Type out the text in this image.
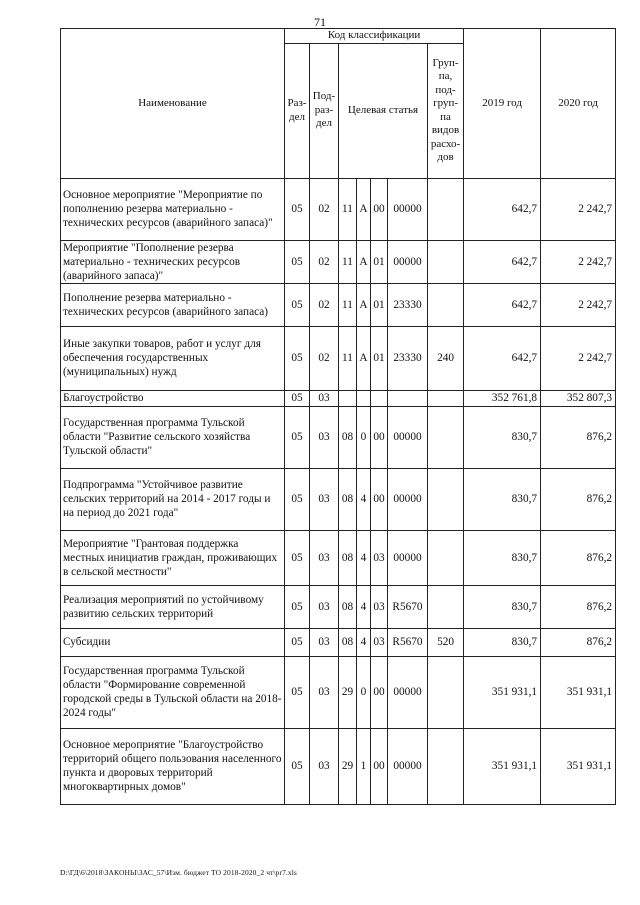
71
Наименование	Код классификации							2019 год	2020 год
	Раз-дел	Под-раз-дел	Целевая статья				Груп-па, под-груп-па видов расхо-дов		
Основное мероприятие "Мероприятие по пополнению резерва материально - технических ресурсов (аварийного запаса)"	05	02	11	А	00	00000		642,7	2 242,7
Мероприятие "Пополнение резерва материально - технических ресурсов (аварийного запаса)"	05	02	11	А	01	00000		642,7	2 242,7
Пополнение резерва материально - технических ресурсов (аварийного запаса)	05	02	11	А	01	23330		642,7	2 242,7
Иные закупки товаров, работ и услуг для обеспечения государственных (муниципальных) нужд	05	02	11	А	01	23330	240	642,7	2 242,7
Благоустройство	05	03						352 761,8	352 807,3
Государственная программа Тульской области "Развитие сельского хозяйства Тульской области"	05	03	08	0	00	00000		830,7	876,2
Подпрограмма "Устойчивое развитие сельских территорий на 2014 - 2017 годы и на период до 2021 года"	05	03	08	4	00	00000		830,7	876,2
Мероприятие "Грантовая поддержка местных инициатив граждан, проживающих в сельской местности"	05	03	08	4	03	00000		830,7	876,2
Реализация мероприятий по устойчивому развитию сельских территорий	05	03	08	4	03	R5670		830,7	876,2
Субсидии	05	03	08	4	03	R5670	520	830,7	876,2
Государственная программа Тульской области "Формирование современной городской среды в Тульской области на 2018-2024 годы"	05	03	29	0	00	00000		351 931,1	351 931,1
Основное мероприятие "Благоустройство территорий общего пользования населенного пункта и дворовых территорий многоквартирных домов"	05	03	29	1	00	00000		351 931,1	351 931,1
D:\ГД\6\2018\ЗАКОНЫ\ЗАС_57\Изм. бюджет ТО 2018-2020_2 чт\pr7.xls
